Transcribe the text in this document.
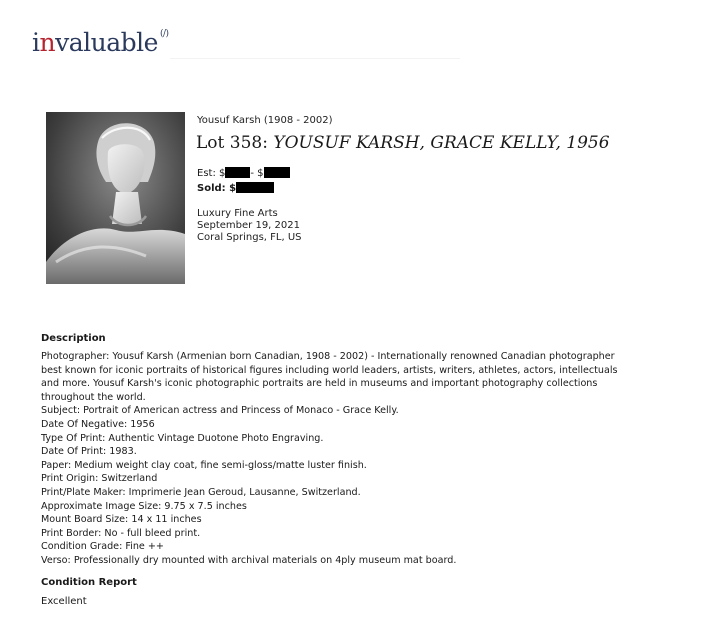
invaluable (/)
Yousuf Karsh (1908 - 2002)
Lot 358: YOUSUF KARSH, GRACE KELLY, 1956
Est: $	- $
Sold: $
Luxury Fine Arts
September 19, 2021
Coral Springs, FL, US
Description
Photographer: Yousuf Karsh (Armenian born Canadian, 1908 - 2002) - Internationally renowned Canadian photographer
best known for iconic portraits of historical figures including world leaders, artists, writers, athletes, actors, intellectuals
and more. Yousuf Karsh's iconic photographic portraits are held in museums and important photography collections
throughout the world.
Subject: Portrait of American actress and Princess of Monaco - Grace Kelly.
Date Of Negative: 1956
Type Of Print: Authentic Vintage Duotone Photo Engraving.
Date Of Print: 1983.
Paper: Medium weight clay coat, fine semi-gloss/matte luster finish.
Print Origin: Switzerland
Print/Plate Maker: Imprimerie Jean Geroud, Lausanne, Switzerland.
Approximate Image Size: 9.75 x 7.5 inches
Mount Board Size: 14 x 11 inches
Print Border: No - full bleed print.
Condition Grade: Fine ++
Verso: Professionally dry mounted with archival materials on 4ply museum mat board.
Condition Report
Excellent
